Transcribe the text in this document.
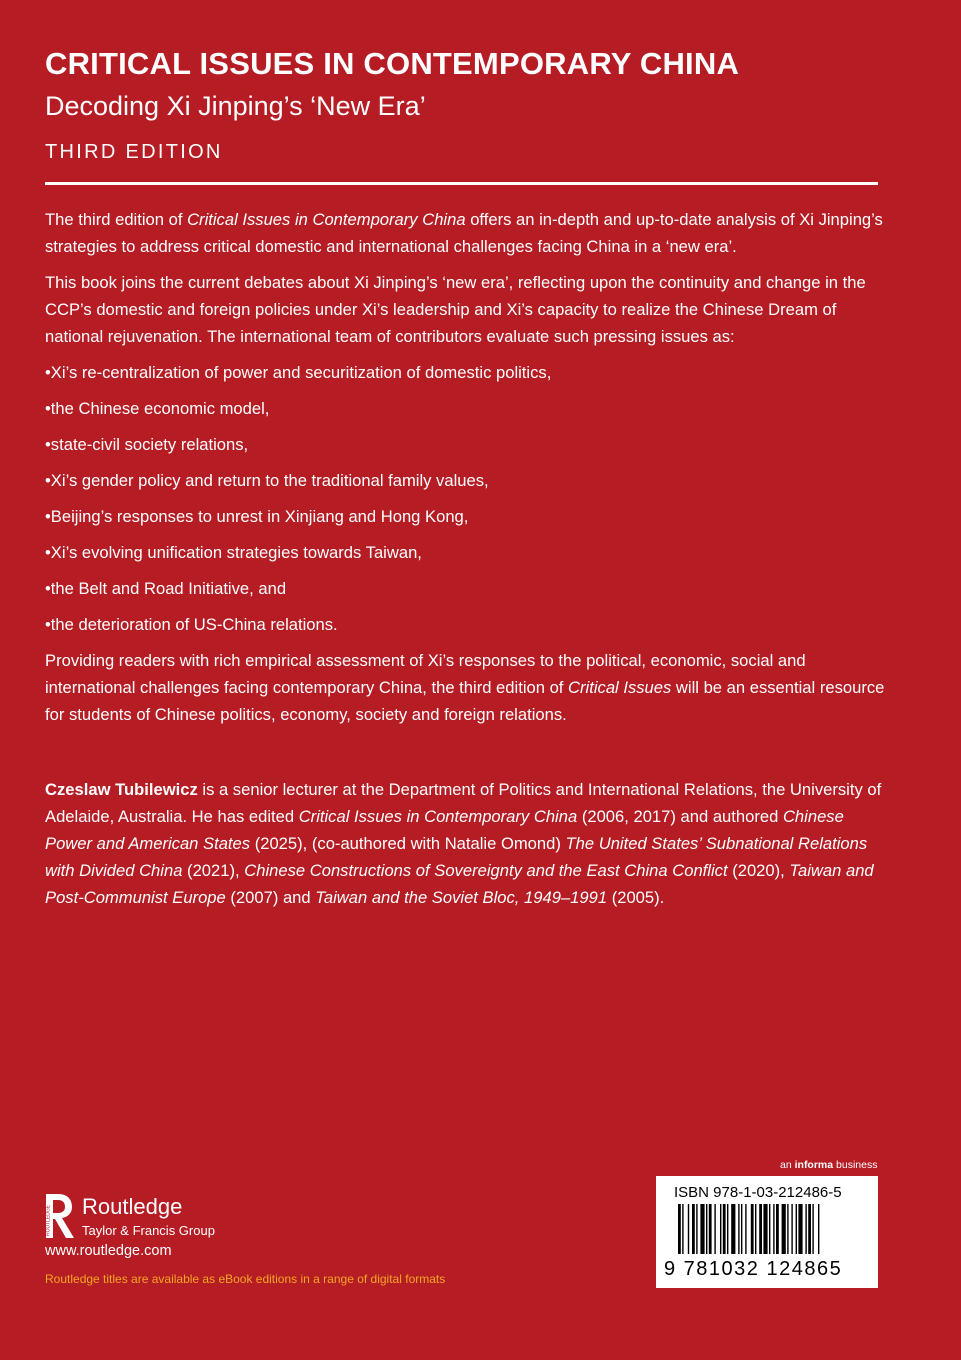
CRITICAL ISSUES IN CONTEMPORARY CHINA
Decoding Xi Jinping’s ‘New Era’
THIRD EDITION

The third edition of Critical Issues in Contemporary China offers an in-depth and up-to-date analysis of Xi Jinping’s strategies to address critical domestic and international challenges facing China in a ‘new era’.

This book joins the current debates about Xi Jinping’s ‘new era’, reflecting upon the continuity and change in the CCP’s domestic and foreign policies under Xi’s leadership and Xi’s capacity to realize the Chinese Dream of national rejuvenation. The international team of contributors evaluate such pressing issues as:

•Xi’s re-centralization of power and securitization of domestic politics,
•the Chinese economic model,
•state-civil society relations,
•Xi’s gender policy and return to the traditional family values,
•Beijing’s responses to unrest in Xinjiang and Hong Kong,
•Xi’s evolving unification strategies towards Taiwan,
•the Belt and Road Initiative, and
•the deterioration of US-China relations.

Providing readers with rich empirical assessment of Xi’s responses to the political, economic, social and international challenges facing contemporary China, the third edition of Critical Issues will be an essential resource for students of Chinese politics, economy, society and foreign relations.

Czeslaw Tubilewicz is a senior lecturer at the Department of Politics and International Relations, the University of Adelaide, Australia. He has edited Critical Issues in Contemporary China (2006, 2017) and authored Chinese Power and American States (2025), (co-authored with Natalie Omond) The United States’ Subnational Relations with Divided China (2021), Chinese Constructions of Sovereignty and the East China Conflict (2020), Taiwan and Post-Communist Europe (2007) and Taiwan and the Soviet Bloc, 1949–1991 (2005).

ROUTLEDGE Routledge
Taylor & Francis Group
www.routledge.com
Routledge titles are available as eBook editions in a range of digital formats
an informa business
ISBN 978-1-03-212486-5
9 781032 124865
